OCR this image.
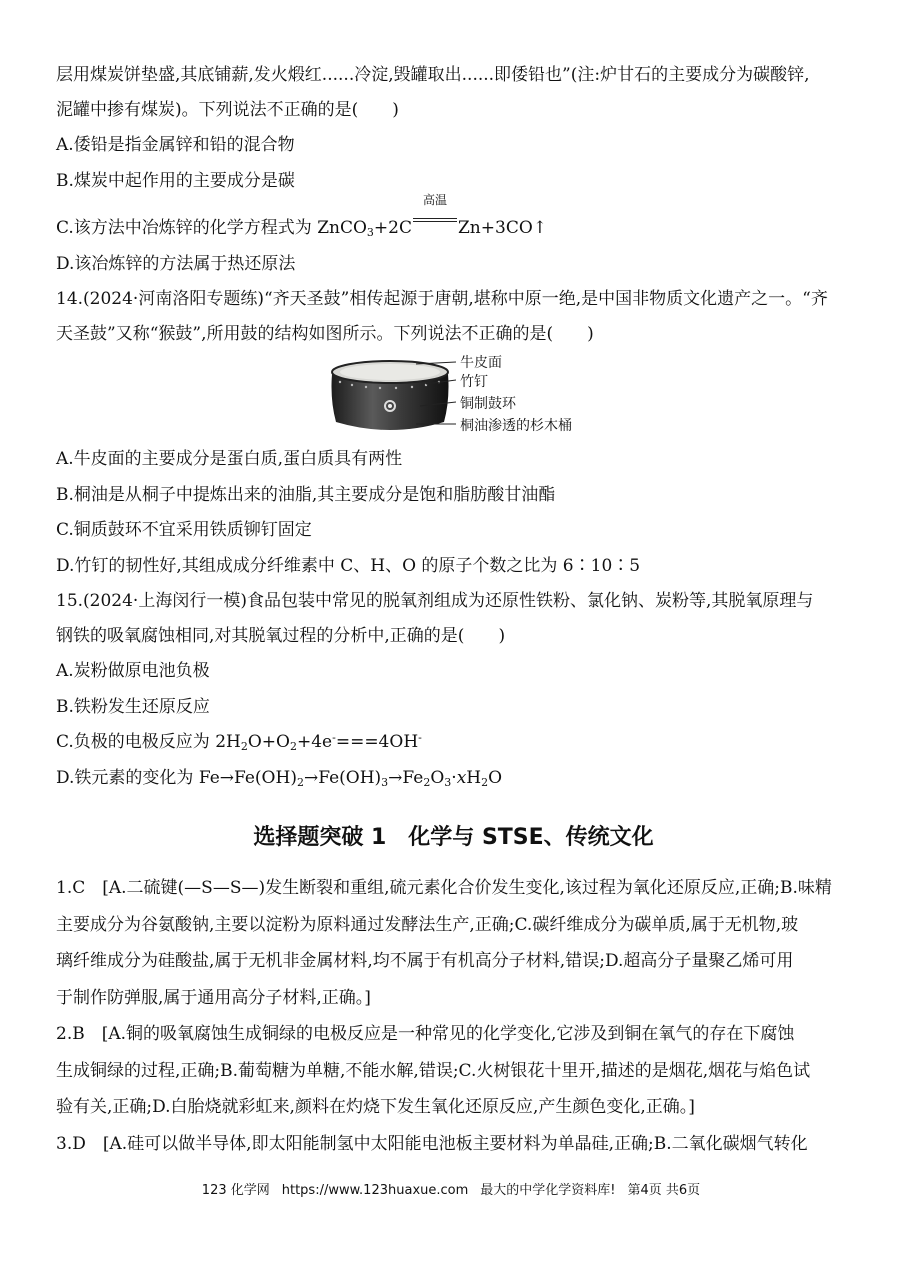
层用煤炭饼垫盛,其底铺薪,发火煅红......冷淀,毁罐取出......即倭铅也”(注:炉甘石的主要成分为碳酸锌,

泥罐中掺有煤炭)。下列说法不正确的是(　　)

A.倭铅是指金属锌和铅的混合物

B.煤炭中起作用的主要成分是碳

C.该方法中冶炼锌的化学方程式为 ZnCO$_3$+2C
高温
Zn+3CO↑

D.该冶炼锌的方法属于热还原法

14.(2024·河南洛阳专题练)“齐天圣鼓”相传起源于唐朝,堪称中原一绝,是中国非物质文化遗产之一。“齐

天圣鼓”又称“猴鼓”,所用鼓的结构如图所示。下列说法不正确的是(　　)

牛皮面
竹钉
铜制鼓环
桐油渗透的杉木桶

A.牛皮面的主要成分是蛋白质,蛋白质具有两性

B.桐油是从桐子中提炼出来的油脂,其主要成分是饱和脂肪酸甘油酯

C.铜质鼓环不宜采用铁质铆钉固定

D.竹钉的韧性好,其组成成分纤维素中 C、H、O 的原子个数之比为 6∶10∶5

15.(2024·上海闵行一模)食品包装中常见的脱氧剂组成为还原性铁粉、氯化钠、炭粉等,其脱氧原理与

钢铁的吸氧腐蚀相同,对其脱氧过程的分析中,正确的是(　　)

A.炭粉做原电池负极

B.铁粉发生还原反应

C.负极的电极反应为 $2H_2O+O_2+4e^-===4OH^-$

D.铁元素的变化为 $Fe\to Fe(OH)_2\to Fe(OH)_3\to Fe_2O_3\cdot xH_2O$

选择题突破 1　化学与 STSE、传统文化

1.C　[A.二硫键(—S—S—)发生断裂和重组,硫元素化合价发生变化,该过程为氧化还原反应,正确;B.味精

主要成分为谷氨酸钠,主要以淀粉为原料通过发酵法生产,正确;C.碳纤维成分为碳单质,属于无机物,玻

璃纤维成分为硅酸盐,属于无机非金属材料,均不属于有机高分子材料,错误;D.超高分子量聚乙烯可用

于制作防弹服,属于通用高分子材料,正确。]

2.B　[A.铜的吸氧腐蚀生成铜绿的电极反应是一种常见的化学变化,它涉及到铜在氧气的存在下腐蚀

生成铜绿的过程,正确;B.葡萄糖为单糖,不能水解,错误;C.火树银花十里开,描述的是烟花,烟花与焰色试

验有关,正确;D.白胎烧就彩虹来,颜料在灼烧下发生氧化还原反应,产生颜色变化,正确。]

3.D　[A.硅可以做半导体,即太阳能制氢中太阳能电池板主要材料为单晶硅,正确;B.二氧化碳烟气转化

123 化学网 https://www.123huaxue.com 最大的中学化学资料库! 第4页 共6页
